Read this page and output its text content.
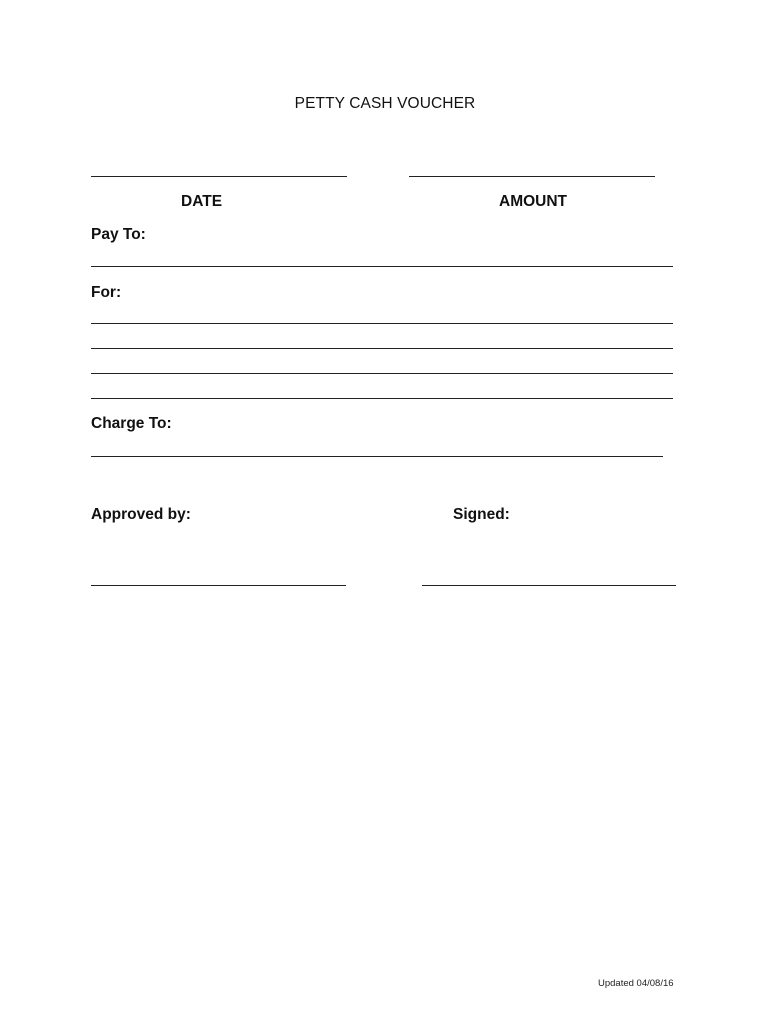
PETTY CASH VOUCHER
DATE	AMOUNT
Pay To:
For:
Charge To:
Approved by:	Signed:
Updated 04/08/16
